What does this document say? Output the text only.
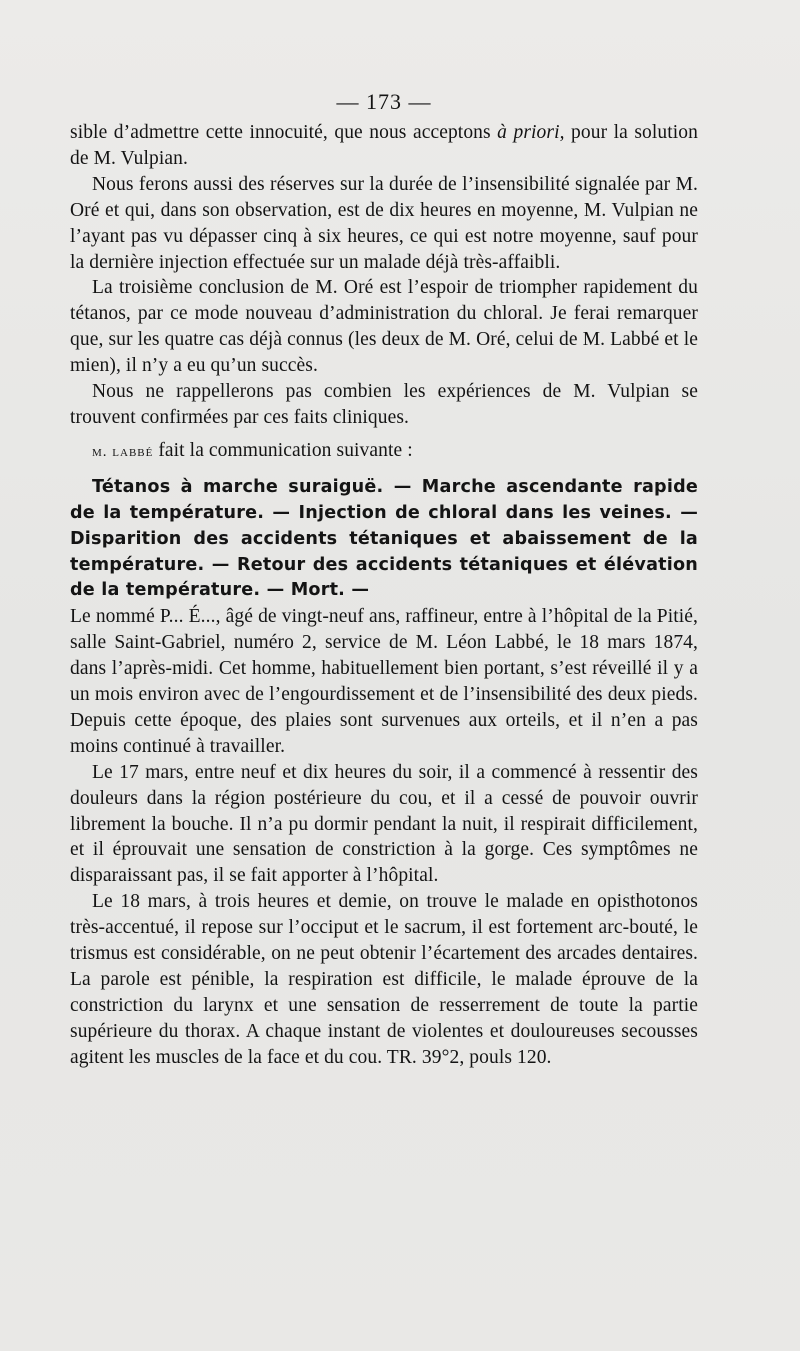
— 173 —

sible d’admettre cette innocuité, que nous acceptons à priori, pour la solution de M. Vulpian.

Nous ferons aussi des réserves sur la durée de l’insensibilité signalée par M. Oré et qui, dans son observation, est de dix heures en moyenne, M. Vulpian ne l’ayant pas vu dépasser cinq à six heures, ce qui est notre moyenne, sauf pour la dernière injection effectuée sur un malade déjà très-affaibli.

La troisième conclusion de M. Oré est l’espoir de triompher rapidement du tétanos, par ce mode nouveau d’administration du chloral. Je ferai remarquer que, sur les quatre cas déjà connus (les deux de M. Oré, celui de M. Labbé et le mien), il n’y a eu qu’un succès.

Nous ne rappellerons pas combien les expériences de M. Vulpian se trouvent confirmées par ces faits cliniques.

m. labbé fait la communication suivante :

Tétanos à marche suraiguë. — Marche ascendante rapide de la température. — Injection de chloral dans les veines. — Disparition des accidents tétaniques et abaissement de la température. — Retour des accidents tétaniques et élévation de la température. — Mort. —

Le nommé P... É..., âgé de vingt-neuf ans, raffineur, entre à l’hôpital de la Pitié, salle Saint-Gabriel, numéro 2, service de M. Léon Labbé, le 18 mars 1874, dans l’après-midi. Cet homme, habituellement bien portant, s’est réveillé il y a un mois environ avec de l’engourdissement et de l’insensibilité des deux pieds. Depuis cette époque, des plaies sont survenues aux orteils, et il n’en a pas moins continué à travailler.

Le 17 mars, entre neuf et dix heures du soir, il a commencé à ressentir des douleurs dans la région postérieure du cou, et il a cessé de pouvoir ouvrir librement la bouche. Il n’a pu dormir pendant la nuit, il respirait difficilement, et il éprouvait une sensation de constriction à la gorge. Ces symptômes ne disparaissant pas, il se fait apporter à l’hôpital.

Le 18 mars, à trois heures et demie, on trouve le malade en opisthotonos très-accentué, il repose sur l’occiput et le sacrum, il est fortement arc-bouté, le trismus est considérable, on ne peut obtenir l’écartement des arcades dentaires. La parole est pénible, la respiration est difficile, le malade éprouve de la constriction du larynx et une sensation de resserrement de toute la partie supérieure du thorax. A chaque instant de violentes et douloureuses secousses agitent les muscles de la face et du cou. TR. 39°2, pouls 120.
